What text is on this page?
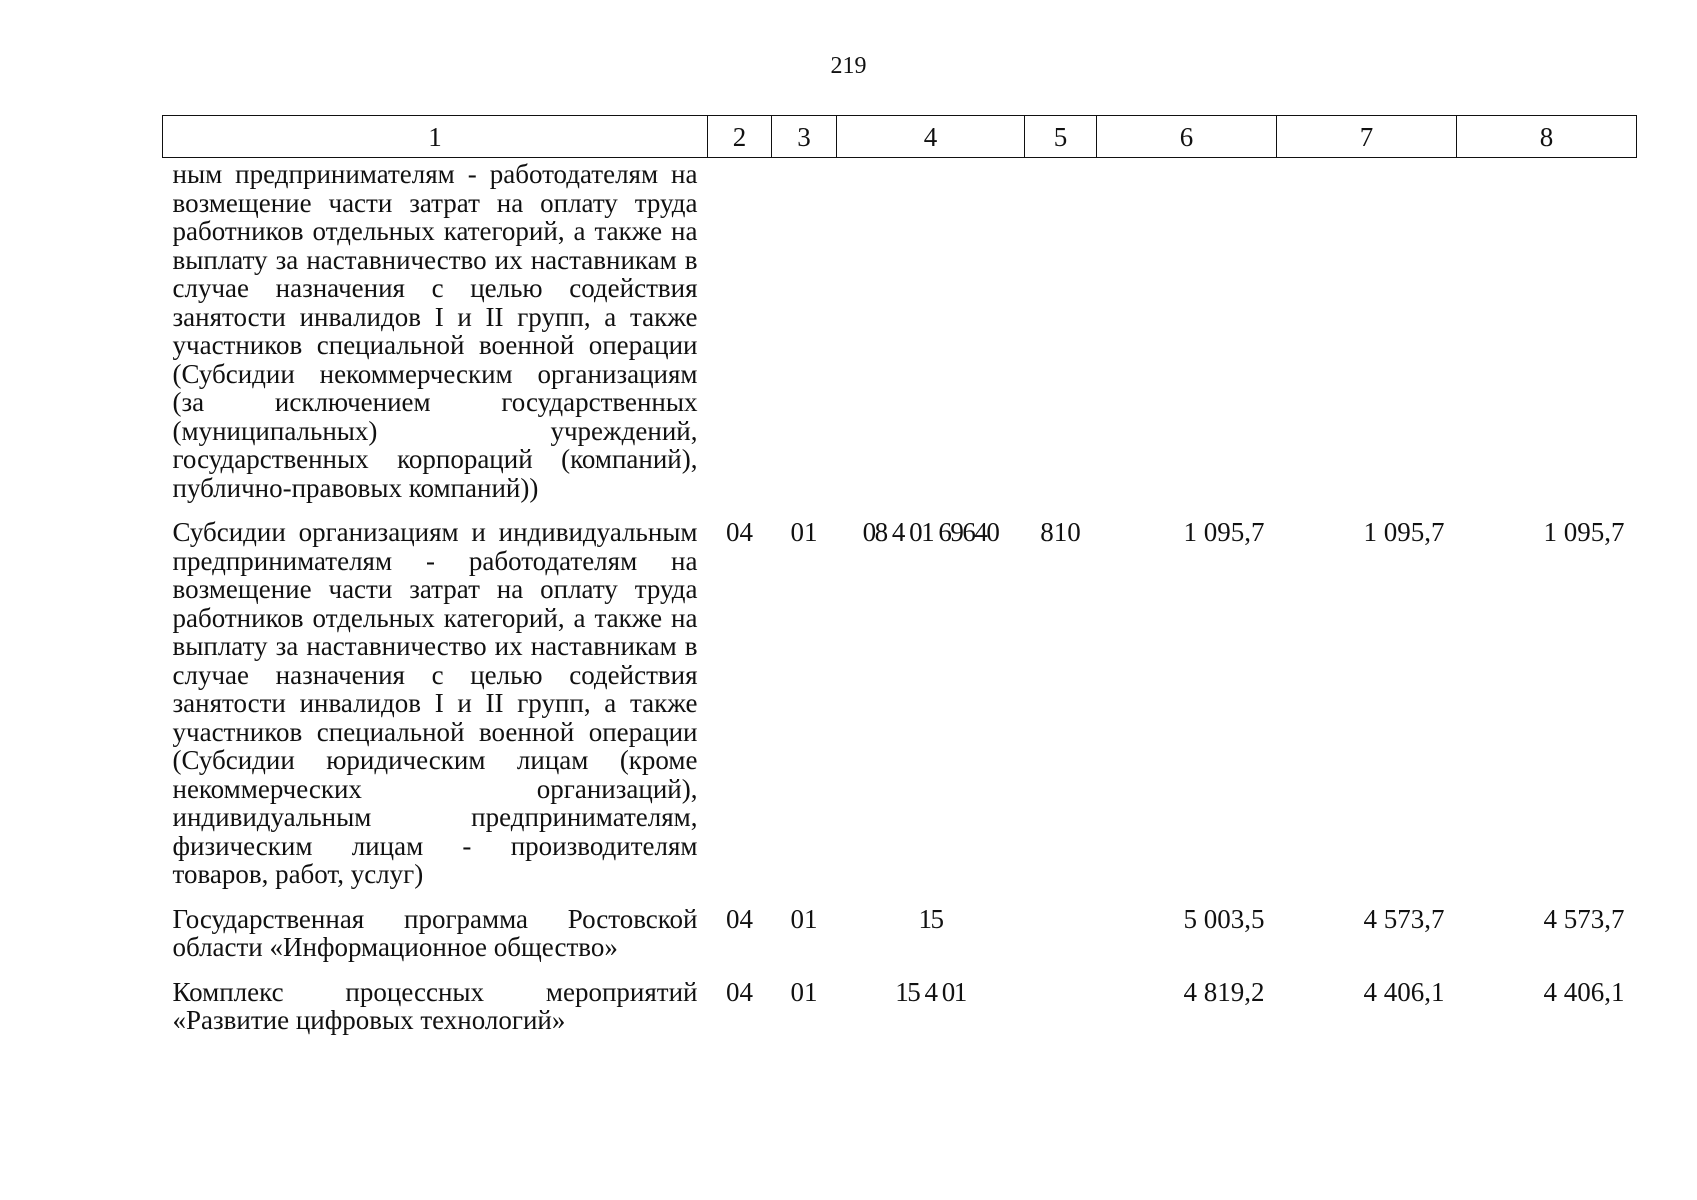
219
1	2	3	4	5	6	7	8
ным предпринимателям - работодателям на возмещение части затрат на оплату труда работников отдельных категорий, а также на выплату за наставничество их наставникам в случае назначения с целью содействия занятости инвалидов I и II групп, а также участников специальной военной операции (Субсидии некоммерческим организациям (за исключением государственных (муниципальных) учреждений, государственных корпораций (компаний), публично-правовых компаний))							
Субсидии организациям и индивидуальным предпринимателям - работодателям на возмещение части затрат на оплату труда работников отдельных категорий, а также на выплату за наставничество их наставникам в случае назначения с целью содействия занятости инвалидов I и II групп, а также участников специальной военной операции (Субсидии юридическим лицам (кроме некоммерческих организаций), индивидуальным предпринимателям, физическим лицам - производителям товаров, работ, услуг)	04	01	08 4 01 69640	810	1 095,7	1 095,7	1 095,7
Государственная программа Ростовской области «Информационное общество»	04	01	15		5 003,5	4 573,7	4 573,7
Комплекс процессных мероприятий «Развитие цифровых технологий»	04	01	15 4 01		4 819,2	4 406,1	4 406,1
